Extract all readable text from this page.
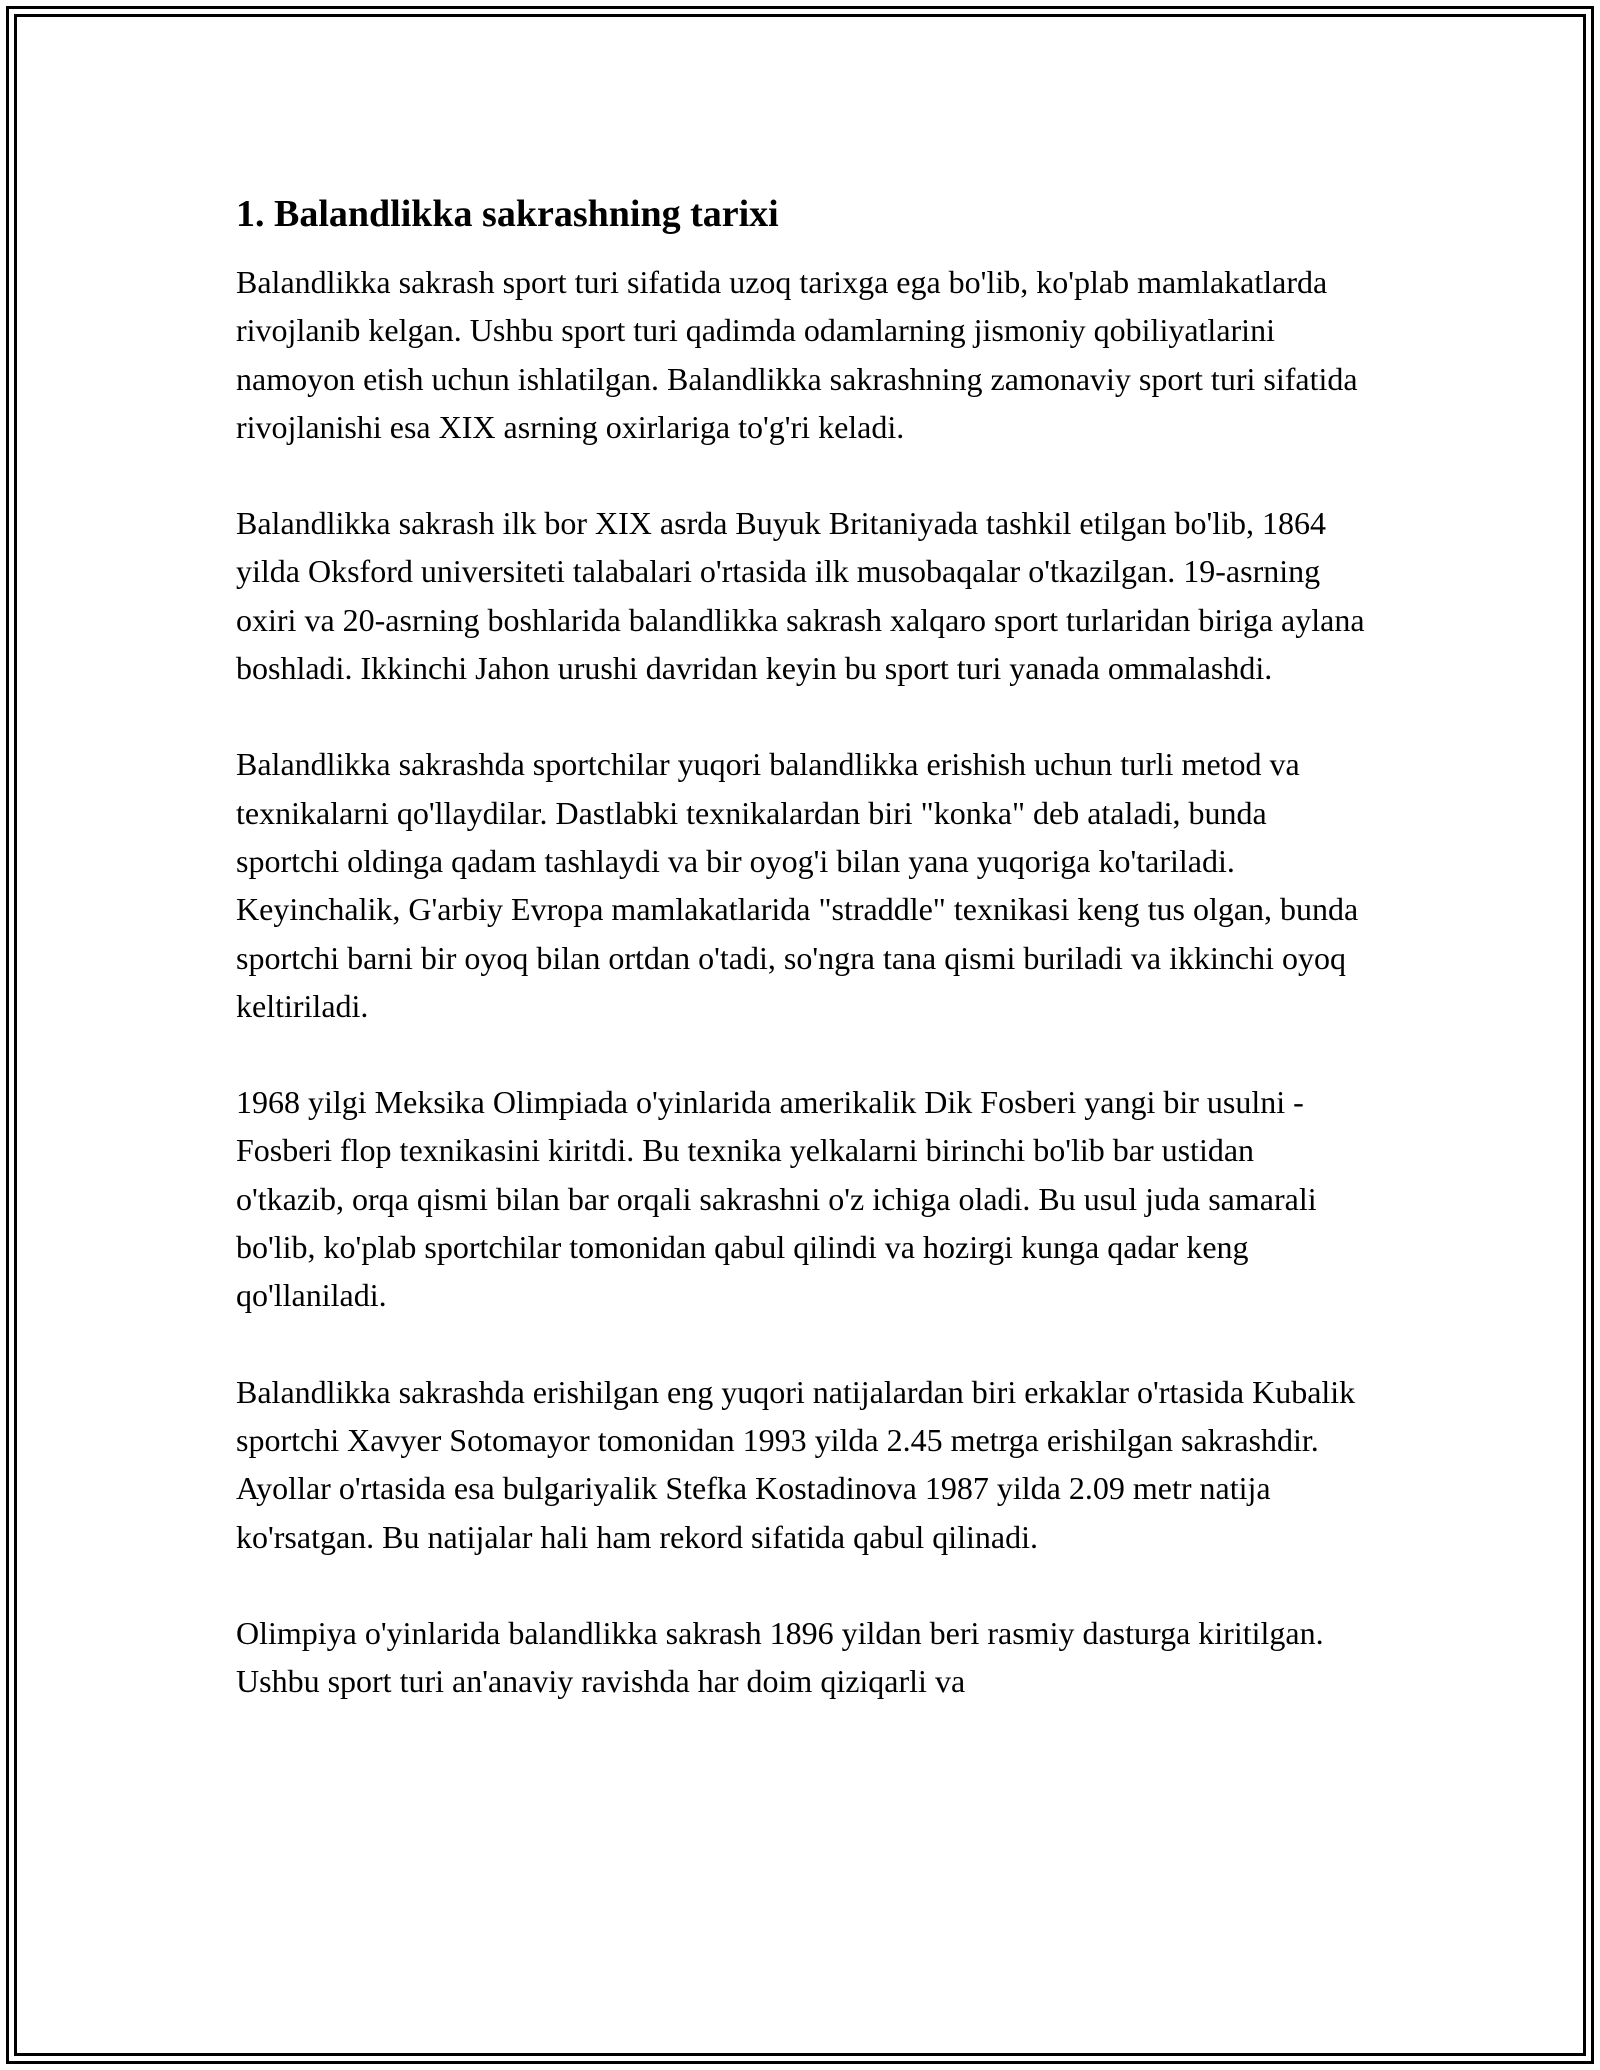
1. Balandlikka sakrashning tarixi

Balandlikka sakrash sport turi sifatida uzoq tarixga ega bo'lib, ko'plab mamlakatlarda rivojlanib kelgan. Ushbu sport turi qadimda odamlarning jismoniy qobiliyatlarini namoyon etish uchun ishlatilgan. Balandlikka sakrashning zamonaviy sport turi sifatida rivojlanishi esa XIX asrning oxirlariga to'g'ri keladi.

Balandlikka sakrash ilk bor XIX asrda Buyuk Britaniyada tashkil etilgan bo'lib, 1864 yilda Oksford universiteti talabalari o'rtasida ilk musobaqalar o'tkazilgan. 19-asrning oxiri va 20-asrning boshlarida balandlikka sakrash xalqaro sport turlaridan biriga aylana boshladi. Ikkinchi Jahon urushi davridan keyin bu sport turi yanada ommalashdi.

Balandlikka sakrashda sportchilar yuqori balandlikka erishish uchun turli metod va texnikalarni qo'llaydilar. Dastlabki texnikalardan biri "konka" deb ataladi, bunda sportchi oldinga qadam tashlaydi va bir oyog'i bilan yana yuqoriga ko'tariladi. Keyinchalik, G'arbiy Evropa mamlakatlarida "straddle" texnikasi keng tus olgan, bunda sportchi barni bir oyoq bilan ortdan o'tadi, so'ngra tana qismi buriladi va ikkinchi oyoq keltiriladi.

1968 yilgi Meksika Olimpiada o'yinlarida amerikalik Dik Fosberi yangi bir usulni - Fosberi flop texnikasini kiritdi. Bu texnika yelkalarni birinchi bo'lib bar ustidan o'tkazib, orqa qismi bilan bar orqali sakrashni o'z ichiga oladi. Bu usul juda samarali bo'lib, ko'plab sportchilar tomonidan qabul qilindi va hozirgi kunga qadar keng qo'llaniladi.

Balandlikka sakrashda erishilgan eng yuqori natijalardan biri erkaklar o'rtasida Kubalik sportchi Xavyer Sotomayor tomonidan 1993 yilda 2.45 metrga erishilgan sakrashdir. Ayollar o'rtasida esa bulgariyalik Stefka Kostadinova 1987 yilda 2.09 metr natija ko'rsatgan. Bu natijalar hali ham rekord sifatida qabul qilinadi.

Olimpiya o'yinlarida balandlikka sakrash 1896 yildan beri rasmiy dasturga kiritilgan. Ushbu sport turi an'anaviy ravishda har doim qiziqarli va
